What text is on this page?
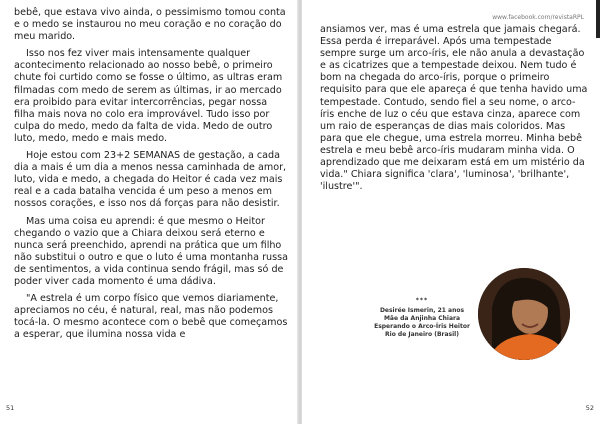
bebê, que estava vivo ainda, o pessimismo tomou conta e o medo se instaurou no meu coração e no coração do meu marido.

Isso nos fez viver mais intensamente qualquer acontecimento relacionado ao nosso bebê, o primeiro chute foi curtido como se fosse o último, as ultras eram filmadas com medo de serem as últimas, ir ao mercado era proibido para evitar intercorrências, pegar nossa filha mais nova no colo era improvável. Tudo isso por culpa do medo, medo da falta de vida. Medo de outro luto, medo, medo e mais medo.

Hoje estou com 23+2 SEMANAS de gestação, a cada dia a mais é um dia a menos nessa caminhada de amor, luto, vida e medo, a chegada do Heitor é cada vez mais real e a cada batalha vencida é um peso a menos em nossos corações, e isso nos dá forças para não desistir.

Mas uma coisa eu aprendi: é que mesmo o Heitor chegando o vazio que a Chiara deixou será eterno e nunca será preenchido, aprendi na prática que um filho não substitui o outro e que o luto é uma montanha russa de sentimentos, a vida continua sendo frágil, mas só de poder viver cada momento é uma dádiva.

"A estrela é um corpo físico que vemos diariamente, apreciamos no céu, é natural, real, mas não podemos tocá-la. O mesmo acontece com o bebê que começamos a esperar, que ilumina nossa vida e

51
www.facebook.com/revistaRPL

ansiamos ver, mas é uma estrela que jamais chegará. Essa perda é irreparável. Após uma tempestade sempre surge um arco-íris, ele não anula a devastação e as cicatrizes que a tempestade deixou. Nem tudo é bom na chegada do arco-íris, porque o primeiro requisito para que ele apareça é que tenha havido uma tempestade. Contudo, sendo fiel a seu nome, o arco-íris enche de luz o céu que estava cinza, aparece com um raio de esperanças de dias mais coloridos. Mas para que ele chegue, uma estrela morreu. Minha bebê estrela e meu bebê arco-íris mudaram minha vida. O aprendizado que me deixaram está em um mistério da vida." Chiara significa 'clara', 'luminosa', 'brilhante', 'ilustre'".

***
Desirée Ismerin, 21 anos
Mãe da Anjinha Chiara
Esperando o Arco-Íris Heitor
Rio de Janeiro (Brasil)
52
